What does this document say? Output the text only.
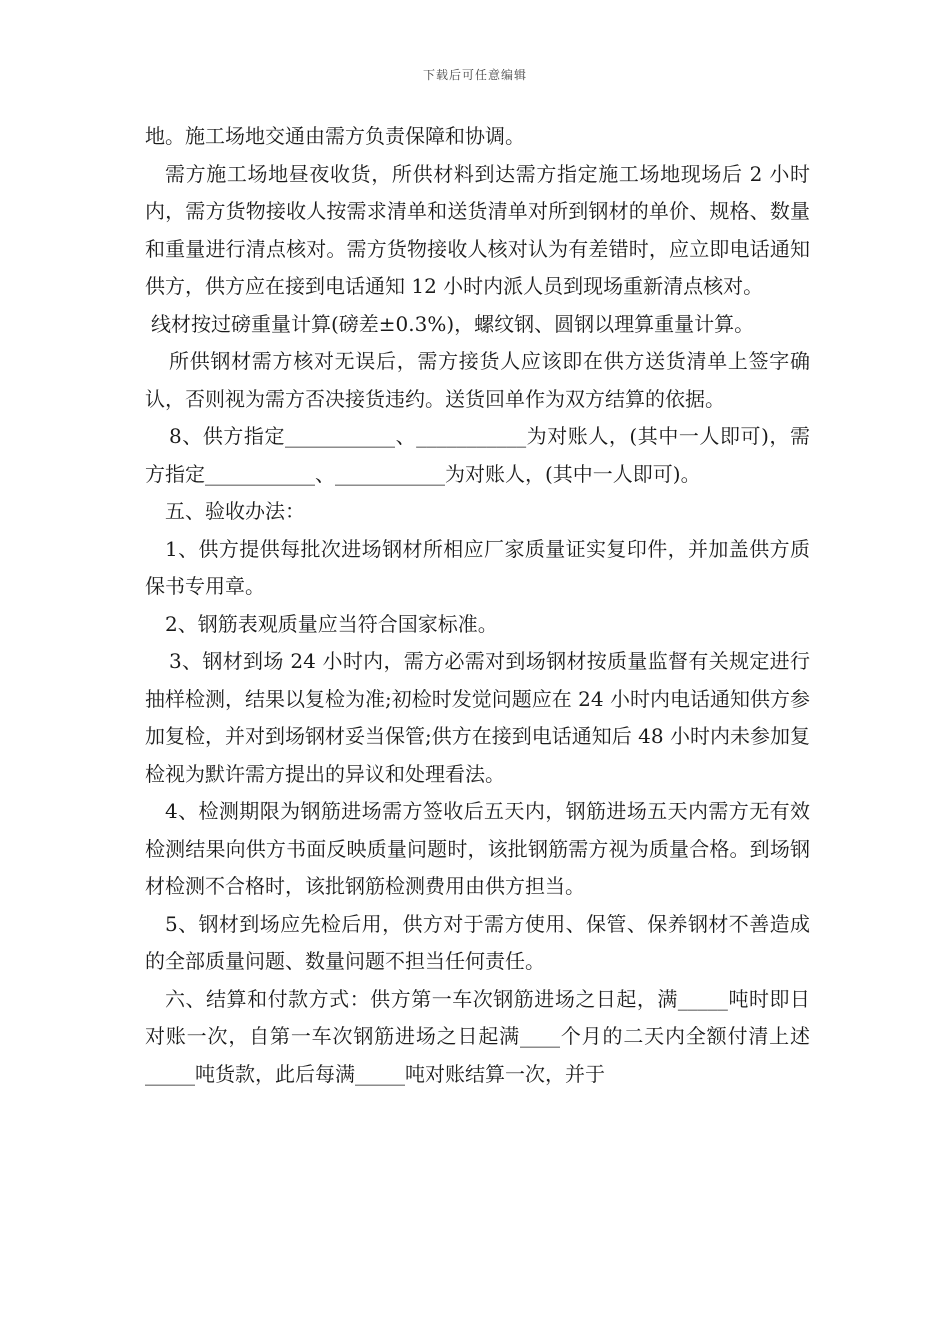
下载后可任意编辑

地。施工场地交通由需方负责保障和协调。

需方施工场地昼夜收货，所供材料到达需方指定施工场地现场后 2 小时内，需方货物接收人按需求清单和送货清单对所到钢材的单价、规格、数量和重量进行清点核对。需方货物接收人核对认为有差错时，应立即电话通知供方，供方应在接到电话通知 12 小时内派人员到现场重新清点核对。

线材按过磅重量计算(磅差±0.3%)，螺纹钢、圆钢以理算重量计算。

所供钢材需方核对无误后，需方接货人应该即在供方送货清单上签字确认，否则视为需方否决接货违约。送货回单作为双方结算的依据。

8、供方指定___________、___________为对账人，(其中一人即可)，需方指定___________、___________为对账人，(其中一人即可)。

五、验收办法：

1、供方提供每批次进场钢材所相应厂家质量证实复印件，并加盖供方质保书专用章。

2、钢筋表观质量应当符合国家标准。

3、钢材到场 24 小时内，需方必需对到场钢材按质量监督有关规定进行抽样检测，结果以复检为准;初检时发觉问题应在 24 小时内电话通知供方参加复检，并对到场钢材妥当保管;供方在接到电话通知后 48 小时内未参加复检视为默许需方提出的异议和处理看法。

4、检测期限为钢筋进场需方签收后五天内，钢筋进场五天内需方无有效检测结果向供方书面反映质量问题时，该批钢筋需方视为质量合格。到场钢材检测不合格时，该批钢筋检测费用由供方担当。

5、钢材到场应先检后用，供方对于需方使用、保管、保养钢材不善造成的全部质量问题、数量问题不担当任何责任。

六、结算和付款方式：供方第一车次钢筋进场之日起，满_____吨时即日对账一次，自第一车次钢筋进场之日起满____个月的二天内全额付清上述_____吨货款，此后每满_____吨对账结算一次，并于
